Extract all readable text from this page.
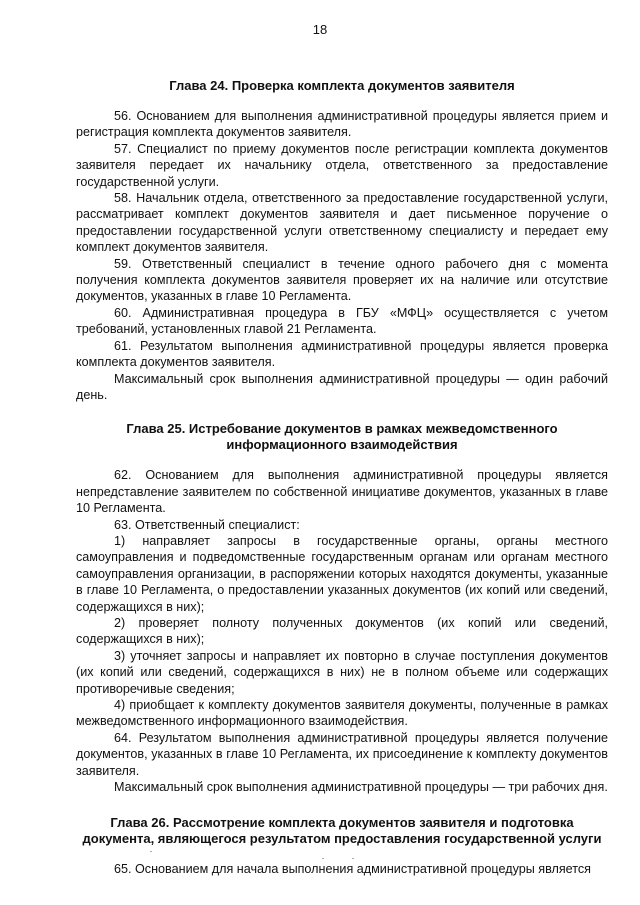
18
Глава 24. Проверка комплекта документов заявителя

56. Основанием для выполнения административной процедуры является прием и регистрация комплекта документов заявителя.

57. Специалист по приему документов после регистрации комплекта документов заявителя передает их начальнику отдела, ответственного за предоставление государственной услуги.

58. Начальник отдела, ответственного за предоставление государственной услуги, рассматривает комплект документов заявителя и дает письменное поручение о предоставлении государственной услуги ответственному специалисту и передает ему комплект документов заявителя.

59. Ответственный специалист в течение одного рабочего дня с момента получения комплекта документов заявителя проверяет их на наличие или отсутствие документов, указанных в главе 10 Регламента.

60. Административная процедура в ГБУ «МФЦ» осуществляется с учетом требований, установленных главой 21 Регламента.

61. Результатом выполнения административной процедуры является проверка комплекта документов заявителя.

Максимальный срок выполнения административной процедуры — один рабочий день.

Глава 25. Истребование документов в рамках межведомственного
информационного взаимодействия

62. Основанием для выполнения административной процедуры является непредставление заявителем по собственной инициативе документов, указанных в главе 10 Регламента.

63. Ответственный специалист:

1) направляет запросы в государственные органы, органы местного самоуправления и подведомственные государственным органам или органам местного самоуправления организации, в распоряжении которых находятся документы, указанные в главе 10 Регламента, о предоставлении указанных документов (их копий или сведений, содержащихся в них);

2) проверяет полноту полученных документов (их копий или сведений, содержащихся в них);

3) уточняет запросы и направляет их повторно в случае поступления документов (их копий или сведений, содержащихся в них) не в полном объеме или содержащих противоречивые сведения;

4) приобщает к комплекту документов заявителя документы, полученные в рамках межведомственного информационного взаимодействия.

64. Результатом выполнения административной процедуры является получение документов, указанных в главе 10 Регламента, их присоединение к комплекту документов заявителя.

Максимальный срок выполнения административной процедуры — три рабочих дня.

Глава 26. Рассмотрение комплекта документов заявителя и подготовка
документа, являющегося результатом предоставления государственной услуги

65. Основанием для начала выполнения административной процедуры является
